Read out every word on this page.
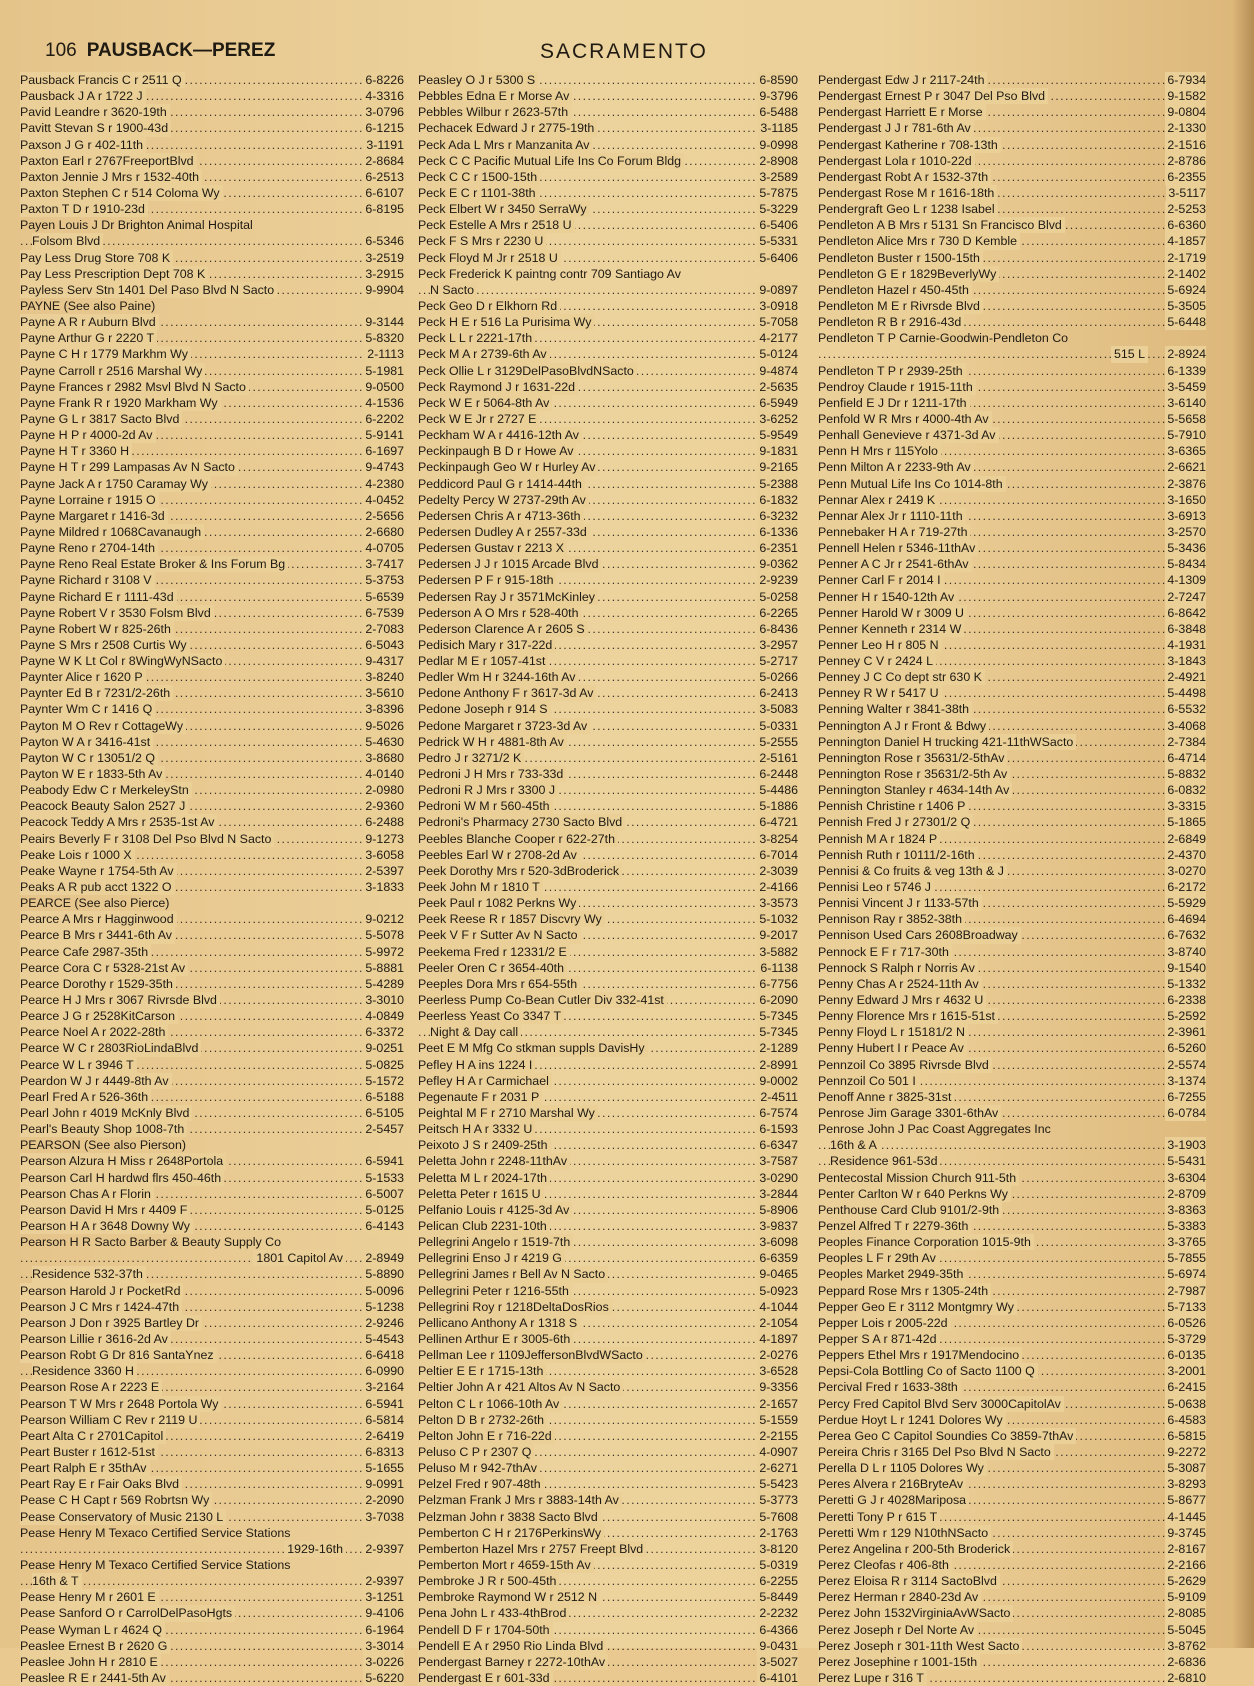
106 PAUSBACK—PEREZ	SACRAMENTO
..... Pausback Francis C r 2511 Q	6-8226
..... Pausback J A r 1722 J	4-3316
..... Pavid Leandre r 3620-19th	3-0796
..... Pavitt Stevan S r 1900-43d	6-1215
..... Paxson J G r 402-11th	3-1191
..... Paxton Earl r 2767FreeportBlvd	2-8684
..... Paxton Jennie J Mrs r 1532-40th	6-2513
..... Paxton Stephen C r 514 Coloma Wy	6-6107
..... Paxton T D r 1910-23d	6-8195
Payen Louis J Dr Brighton Animal Hospital
..... Folsom Blvd	6-5346
..... Pay Less Drug Store 708 K	3-2519
..... Pay Less Prescription Dept 708 K	3-2915
..... Payless Serv Stn 1401 Del Paso Blvd N Sacto	9-9904
PAYNE (See also Paine)
..... Payne A R r Auburn Blvd	9-3144
..... Payne Arthur G r 2220 T	5-8320
..... Payne C H r 1779 Markhm Wy	2-1113
..... Payne Carroll r 2516 Marshal Wy	5-1981
..... Payne Frances r 2982 Msvl Blvd N Sacto	9-0500
..... Payne Frank R r 1920 Markham Wy	4-1536
..... Payne G L r 3817 Sacto Blvd	6-2202
..... Payne H P r 4000-2d Av	5-9141
..... Payne H T r 3360 H	6-1697
..... Payne H T r 299 Lampasas Av N Sacto	9-4743
..... Payne Jack A r 1750 Caramay Wy	4-2380
..... Payne Lorraine r 1915 O	4-0452
..... Payne Margaret r 1416-3d	2-5656
..... Payne Mildred r 1068Cavanaugh	2-6680
..... Payne Reno r 2704-14th	4-0705
..... Payne Reno Real Estate Broker & Ins Forum Bg	3-7417
..... Payne Richard r 3108 V	5-3753
..... Payne Richard E r 1111-43d	5-6539
..... Payne Robert V r 3530 Folsm Blvd	6-7539
..... Payne Robert W r 825-26th	2-7083
..... Payne S Mrs r 2508 Curtis Wy	6-5043
..... Payne W K Lt Col r 8WingWyNSacto	9-4317
..... Paynter Alice r 1620 P	3-8240
..... Paynter Ed B r 7231/2-26th	3-5610
..... Paynter Wm C r 1416 Q	3-8396
..... Payton M O Rev r CottageWy	9-5026
..... Payton W A r 3416-41st	5-4630
..... Payton W C r 13051/2 Q	3-8680
..... Payton W E r 1833-5th Av	4-0140
..... Peabody Edw C r MerkeleyStn	2-0980
..... Peacock Beauty Salon 2527 J	2-9360
..... Peacock Teddy A Mrs r 2535-1st Av	6-2488
..... Peairs Beverly F r 3108 Del Pso Blvd N Sacto	9-1273
..... Peake Lois r 1000 X	3-6058
..... Peake Wayne r 1754-5th Av	2-5397
..... Peaks A R pub acct 1322 O	3-1833
PEARCE (See also Pierce)
..... Pearce A Mrs r Hagginwood	9-0212
..... Pearce B Mrs r 3441-6th Av	5-5078
..... Pearce Cafe 2987-35th	5-9972
..... Pearce Cora C r 5328-21st Av	5-8881
..... Pearce Dorothy r 1529-35th	5-4289
..... Pearce H J Mrs r 3067 Rivrsde Blvd	3-3010
..... Pearce J G r 2528KitCarson	4-0849
..... Pearce Noel A r 2022-28th	6-3372
..... Pearce W C r 2803RioLindaBlvd	9-0251
..... Pearce W L r 3946 T	5-0825
..... Peardon W J r 4449-8th Av	5-1572
..... Pearl Fred A r 526-36th	6-5188
..... Pearl John r 4019 McKnly Blvd	6-5105
..... Pearl's Beauty Shop 1008-7th	2-5457
PEARSON (See also Pierson)
..... Pearson Alzura H Miss r 2648Portola	6-5941
..... Pearson Carl H hardwd flrs 450-46th	5-1533
..... Pearson Chas A r Florin	6-5007
..... Pearson David H Mrs r 4409 F	5-0125
..... Pearson H A r 3648 Downy Wy	6-4143
Pearson H R Sacto Barber & Beauty Supply Co
..... 1801 Capitol Av 2-8949
..... Residence 532-37th	5-8890
..... Pearson Harold J r PocketRd	5-0096
..... Pearson J C Mrs r 1424-47th	5-1238
..... Pearson J Don r 3925 Bartley Dr	2-9246
..... Pearson Lillie r 3616-2d Av	5-4543
..... Pearson Robt G Dr 816 SantaYnez	6-6418
..... Residence 3360 H	6-0990
..... Pearson Rose A r 2223 E	3-2164
..... Pearson T W Mrs r 2648 Portola Wy	6-5941
..... Pearson William C Rev r 2119 U	6-5814
..... Peart Alta C r 2701Capitol	2-6419
..... Peart Buster r 1612-51st	6-8313
..... Peart Ralph E r 35thAv	5-1655
..... Peart Ray E r Fair Oaks Blvd	9-0991
..... Pease C H Capt r 569 Robrtsn Wy	2-2090
..... Pease Conservatory of Music 2130 L	3-7038
Pease Henry M Texaco Certified Service Stations
..... 1929-16th 2-9397
Pease Henry M Texaco Certified Service Stations
..... 16th & T	2-9397
..... Pease Henry M r 2601 E	3-1251
..... Pease Sanford O r CarrolDelPasoHgts	9-4106
..... Pease Wyman L r 4624 Q	6-1964
..... Peaslee Ernest B r 2620 G	3-3014
..... Peaslee John H r 2810 E	3-0226
..... Peaslee R E r 2441-5th Av	5-6220
..... Peasley O J r 5300 S	6-8590
..... Pebbles Edna E r Morse Av	9-3796
..... Pebbles Wilbur r 2623-57th	6-5488
..... Pechacek Edward J r 2775-19th	3-1185
..... Peck Ada L Mrs r Manzanita Av	9-0998
..... Peck C C Pacific Mutual Life Ins Co Forum Bldg	2-8908
..... Peck C C r 1500-15th	3-2589
..... Peck E C r 1101-38th	5-7875
..... Peck Elbert W r 3450 SerraWy	5-3229
..... Peck Estelle A Mrs r 2518 U	6-5406
..... Peck F S Mrs r 2230 U	5-5331
..... Peck Floyd M Jr r 2518 U	5-6406
Peck Frederick K paintng contr 709 Santiago Av
..... N Sacto	9-0897
..... Peck Geo D r Elkhorn Rd	3-0918
..... Peck H E r 516 La Purisima Wy	5-7058
..... Peck L L r 2221-17th	4-2177
..... Peck M A r 2739-6th Av	5-0124
..... Peck Ollie L r 3129DelPasoBlvdNSacto	9-4874
..... Peck Raymond J r 1631-22d	2-5635
..... Peck W E r 5064-8th Av	6-5949
..... Peck W E Jr r 2727 E	3-6252
..... Peckham W A r 4416-12th Av	5-9549
..... Peckinpaugh B D r Howe Av	9-1831
..... Peckinpaugh Geo W r Hurley Av	9-2165
..... Peddicord Paul G r 1414-44th	5-2388
..... Pedelty Percy W 2737-29th Av	6-1832
..... Pedersen Chris A r 4713-36th	6-3232
..... Pedersen Dudley A r 2557-33d	6-1336
..... Pedersen Gustav r 2213 X	6-2351
..... Pedersen J J r 1015 Arcade Blvd	9-0362
..... Pedersen P F r 915-18th	2-9239
..... Pedersen Ray J r 3571McKinley	5-0258
..... Pederson A O Mrs r 528-40th	6-2265
..... Pederson Clarence A r 2605 S	6-8436
..... Pedisich Mary r 317-22d	3-2957
..... Pedlar M E r 1057-41st	5-2717
..... Pedler Wm H r 3244-16th Av	5-0266
..... Pedone Anthony F r 3617-3d Av	6-2413
..... Pedone Joseph r 914 S	3-5083
..... Pedone Margaret r 3723-3d Av	5-0331
..... Pedrick W H r 4881-8th Av	5-2555
..... Pedro J r 3271/2 K	2-5161
..... Pedroni J H Mrs r 733-33d	6-2448
..... Pedroni R J Mrs r 3300 J	5-4486
..... Pedroni W M r 560-45th	5-1886
..... Pedroni's Pharmacy 2730 Sacto Blvd	6-4721
..... Peebles Blanche Cooper r 622-27th	3-8254
..... Peebles Earl W r 2708-2d Av	6-7014
..... Peek Dorothy Mrs r 520-3dBroderick	2-3039
..... Peek John M r 1810 T	2-4166
..... Peek Paul r 1082 Perkns Wy	3-3573
..... Peek Reese R r 1857 Discvry Wy	5-1032
..... Peek V F r Sutter Av N Sacto	9-2017
..... Peekema Fred r 12331/2 E	3-5882
..... Peeler Oren C r 3654-40th	6-1138
..... Peeples Dora Mrs r 654-55th	6-7756
..... Peerless Pump Co-Bean Cutler Div 332-41st	6-2090
..... Peerless Yeast Co 3347 T	5-7345
..... Night & Day call	5-7345
..... Peet E M Mfg Co stkman suppls DavisHy	2-1289
..... Pefley H A ins 1224 I	2-8991
..... Pefley H A r Carmichael	9-0002
..... Pegenaute F r 2031 P	2-4511
..... Peightal M F r 2710 Marshal Wy	6-7574
..... Peitsch H A r 3332 U	6-1593
..... Peixoto J S r 2409-25th	6-6347
..... Peletta John r 2248-11thAv	3-7587
..... Peletta M L r 2024-17th	3-0290
..... Peletta Peter r 1615 U	3-2844
..... Pelfanio Louis r 4125-3d Av	5-8906
..... Pelican Club 2231-10th	3-9837
..... Pellegrini Angelo r 1519-7th	3-6098
..... Pellegrini Enso J r 4219 G	6-6359
..... Pellegrini James r Bell Av N Sacto	9-0465
..... Pellegrini Peter r 1216-55th	5-0923
..... Pellegrini Roy r 1218DeltaDosRios	4-1044
..... Pellicano Anthony A r 1318 S	2-1054
..... Pellinen Arthur E r 3005-6th	4-1897
..... Pellman Lee r 1109JeffersonBlvdWSacto	2-0276
..... Peltier E E r 1715-13th	3-6528
..... Peltier John A r 421 Altos Av N Sacto	9-3356
..... Pelton C L r 1066-10th Av	2-1657
..... Pelton D B r 2732-26th	5-1559
..... Pelton John E r 716-22d	2-2155
..... Peluso C P r 2307 Q	4-0907
..... Peluso M r 942-7thAv	2-6271
..... Pelzel Fred r 907-48th	5-5423
..... Pelzman Frank J Mrs r 3883-14th Av	5-3773
..... Pelzman John r 3838 Sacto Blvd	5-7608
..... Pemberton C H r 2176PerkinsWy	2-1763
..... Pemberton Hazel Mrs r 2757 Freept Blvd	3-8120
..... Pemberton Mort r 4659-15th Av	5-0319
..... Pembroke J R r 500-45th	6-2255
..... Pembroke Raymond W r 2512 N	5-8449
..... Pena John L r 433-4thBrod	2-2232
..... Pendell D F r 1704-50th	6-4366
..... Pendell E A r 2950 Rio Linda Blvd	9-0431
..... Pendergast Barney r 2272-10thAv	3-5027
..... Pendergast E r 601-33d	6-4101
..... Pendergast Edw J r 2117-24th	6-7934
..... Pendergast Ernest P r 3047 Del Pso Blvd	9-1582
..... Pendergast Harriett E r Morse	9-0804
..... Pendergast J J r 781-6th Av	2-1330
..... Pendergast Katherine r 708-13th	2-1516
..... Pendergast Lola r 1010-22d	2-8786
..... Pendergast Robt A r 1532-37th	6-2355
..... Pendergast Rose M r 1616-18th	3-5117
..... Pendergraft Geo L r 1238 Isabel	2-5253
..... Pendleton A B Mrs r 5131 Sn Francisco Blvd	6-6360
..... Pendleton Alice Mrs r 730 D Kemble	4-1857
..... Pendleton Buster r 1500-15th	2-1719
..... Pendleton G E r 1829BeverlyWy	2-1402
..... Pendleton Hazel r 450-45th	5-6924
..... Pendleton M E r Rivrsde Blvd	5-3505
..... Pendleton R B r 2916-43d	5-6448
Pendleton T P Carnie-Goodwin-Pendleton Co
..... 515 L 2-8924
..... Pendleton T P r 2939-25th	6-1339
..... Pendroy Claude r 1915-11th	3-5459
..... Penfield E J Dr r 1211-17th	3-6140
..... Penfold W R Mrs r 4000-4th Av	5-5658
..... Penhall Genevieve r 4371-3d Av	5-7910
..... Penn H Mrs r 115Yolo	3-6365
..... Penn Milton A r 2233-9th Av	2-6621
..... Penn Mutual Life Ins Co 1014-8th	2-3876
..... Pennar Alex r 2419 K	3-1650
..... Pennar Alex Jr r 1110-11th	3-6913
..... Pennebaker H A r 719-27th	3-2570
..... Pennell Helen r 5346-11thAv	5-3436
..... Penner A C Jr r 2541-6thAv	5-8434
..... Penner Carl F r 2014 I	4-1309
..... Penner H r 1540-12th Av	2-7247
..... Penner Harold W r 3009 U	6-8642
..... Penner Kenneth r 2314 W	6-3848
..... Penner Leo H r 805 N	4-1931
..... Penney C V r 2424 L	3-1843
..... Penney J C Co dept str 630 K	2-4921
..... Penney R W r 5417 U	5-4498
..... Penning Walter r 3841-38th	6-5532
..... Pennington A J r Front & Bdwy	3-4068
..... Pennington Daniel H trucking 421-11thWSacto	2-7384
..... Pennington Rose r 35631/2-5thAv	6-4714
..... Pennington Rose r 35631/2-5th Av	5-8832
..... Pennington Stanley r 4634-14th Av	6-0832
..... Pennish Christine r 1406 P	3-3315
..... Pennish Fred J r 27301/2 Q	5-1865
..... Pennish M A r 1824 P	2-6849
..... Pennish Ruth r 10111/2-16th	2-4370
..... Pennisi & Co fruits & veg 13th & J	3-0270
..... Pennisi Leo r 5746 J	6-2172
..... Pennisi Vincent J r 1133-57th	5-5929
..... Pennison Ray r 3852-38th	6-4694
..... Pennison Used Cars 2608Broadway	6-7632
..... Pennock E F r 717-30th	3-8740
..... Pennock S Ralph r Norris Av	9-1540
..... Penny Chas A r 2524-11th Av	5-1332
..... Penny Edward J Mrs r 4632 U	6-2338
..... Penny Florence Mrs r 1615-51st	5-2592
..... Penny Floyd L r 15181/2 N	2-3961
..... Penny Hubert I r Peace Av	6-5260
..... Pennzoil Co 3895 Rivrsde Blvd	2-5574
..... Pennzoil Co 501 I	3-1374
..... Penoff Anne r 3825-31st	6-7255
..... Penrose Jim Garage 3301-6thAv	6-0784
Penrose John J Pac Coast Aggregates Inc
..... 16th & A	3-1903
..... Residence 961-53d	5-5431
..... Pentecostal Mission Church 911-5th	3-6304
..... Penter Carlton W r 640 Perkns Wy	2-8709
..... Penthouse Card Club 9101/2-9th	3-8363
..... Penzel Alfred T r 2279-36th	5-3383
..... Peoples Finance Corporation 1015-9th	3-3765
..... Peoples L F r 29th Av	5-7855
..... Peoples Market 2949-35th	5-6974
..... Peppard Rose Mrs r 1305-24th	2-7987
..... Pepper Geo E r 3112 Montgmry Wy	5-7133
..... Pepper Lois r 2005-22d	6-0526
..... Pepper S A r 871-42d	5-3729
..... Peppers Ethel Mrs r 1917Mendocino	6-0135
..... Pepsi-Cola Bottling Co of Sacto 1100 Q	3-2001
..... Percival Fred r 1633-38th	6-2415
..... Percy Fred Capitol Blvd Serv 3000CapitolAv	5-0638
..... Perdue Hoyt L r 1241 Dolores Wy	6-4583
..... Perea Geo C Capitol Soundies Co 3859-7thAv	6-5815
..... Pereira Chris r 3165 Del Pso Blvd N Sacto	9-2272
..... Perella D L r 1105 Dolores Wy	5-3087
..... Peres Alvera r 216BryteAv	3-8293
..... Peretti G J r 4028Mariposa	5-8677
..... Peretti Tony P r 615 T	4-1445
..... Peretti Wm r 129 N10thNSacto	9-3745
..... Perez Angelina r 200-5th Broderick	2-8167
..... Perez Cleofas r 406-8th	2-2166
..... Perez Eloisa R r 3114 SactoBlvd	5-2629
..... Perez Herman r 2840-23d Av	5-9109
..... Perez John 1532VirginiaAvWSacto	2-8085
..... Perez Joseph r Del Norte Av	5-5045
..... Perez Joseph r 301-11th West Sacto	3-8762
..... Perez Josephine r 1001-15th	2-6836
..... Perez Lupe r 316 T	2-6810
